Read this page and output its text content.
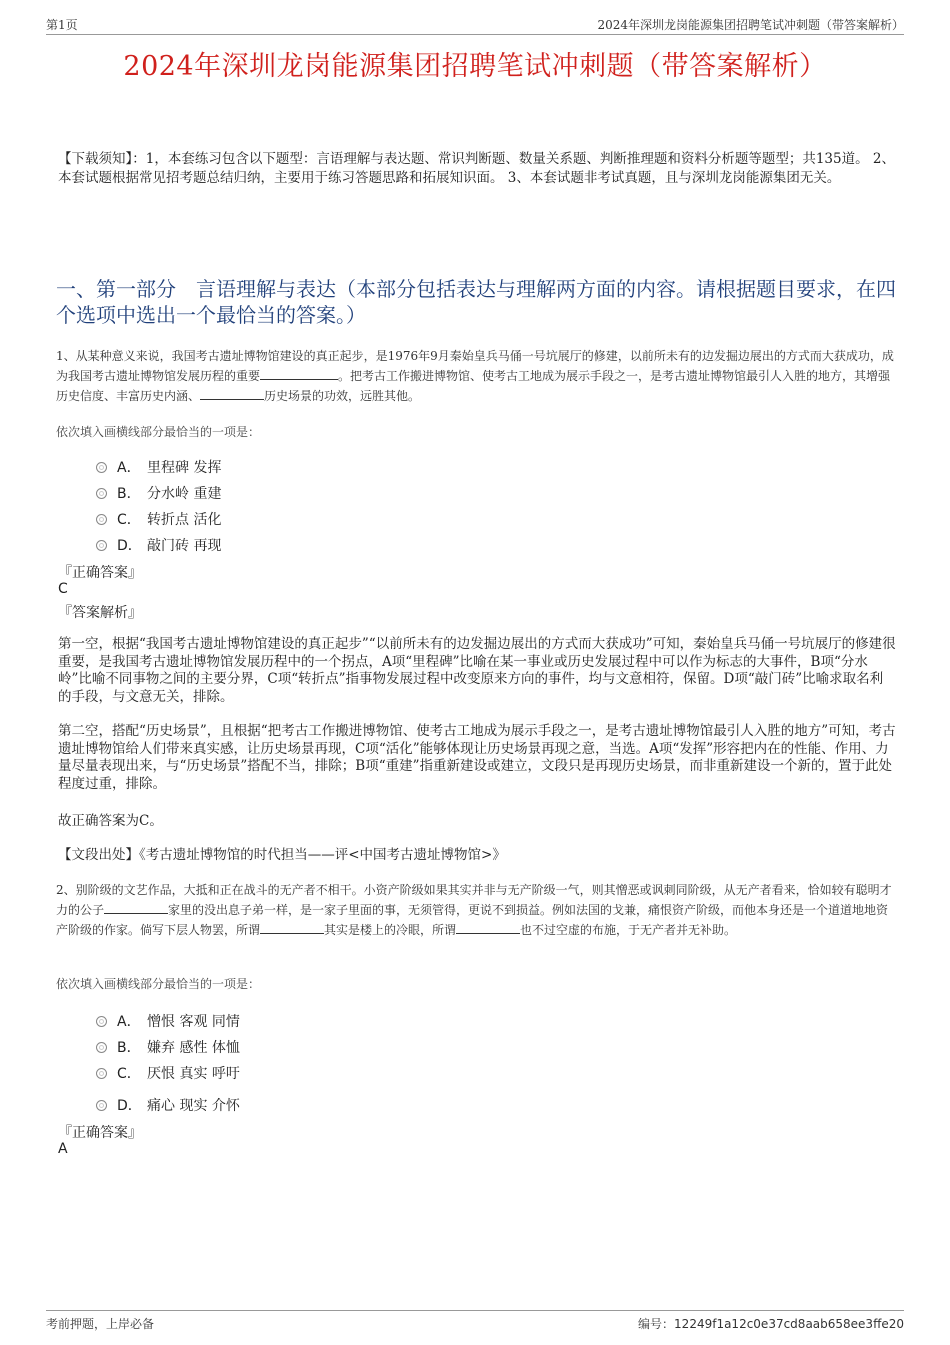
第1页	2024年深圳龙岗能源集团招聘笔试冲刺题（带答案解析）
2024年深圳龙岗能源集团招聘笔试冲刺题（带答案解析）
【下载须知】：1，本套练习包含以下题型：言语理解与表达题、常识判断题、数量关系题、判断推理题和资料分析题等题型；共135道。 2、本套试题根据常见招考题总结归纳，主要用于练习答题思路和拓展知识面。 3、本套试题非考试真题，且与深圳龙岗能源集团无关。
一、第一部分　言语理解与表达（本部分包括表达与理解两方面的内容。请根据题目要求，在四个选项中选出一个最恰当的答案。）
1、从某种意义来说，我国考古遗址博物馆建设的真正起步，是1976年9月秦始皇兵马俑一号坑展厅的修建，以前所未有的边发掘边展出的方式而大获成功，成为我国考古遗址博物馆发展历程的重要	。把考古工作搬进博物馆、使考古工地成为展示手段之一，是考古遗址博物馆最引人入胜的地方，其增强历史信度、丰富历史内涵、	历史场景的功效，远胜其他。
依次填入画横线部分最恰当的一项是：
A． 里程碑 发挥
B． 分水岭 重建
C． 转折点 活化
D． 敲门砖 再现
『正确答案』
C
『答案解析』
第一空，根据“我国考古遗址博物馆建设的真正起步”“以前所未有的边发掘边展出的方式而大获成功”可知，秦始皇兵马俑一号坑展厅的修建很重要，是我国考古遗址博物馆发展历程中的一个拐点，A项“里程碑”比喻在某一事业或历史发展过程中可以作为标志的大事件，B项“分水岭”比喻不同事物之间的主要分界，C项“转折点”指事物发展过程中改变原来方向的事件，均与文意相符，保留。D项“敲门砖”比喻求取名利的手段，与文意无关，排除。
第二空，搭配“历史场景”，且根据“把考古工作搬进博物馆、使考古工地成为展示手段之一，是考古遗址博物馆最引人入胜的地方”可知，考古遗址博物馆给人们带来真实感，让历史场景再现，C项“活化”能够体现让历史场景再现之意，当选。A项“发挥”形容把内在的性能、作用、力量尽量表现出来，与“历史场景”搭配不当，排除；B项“重建”指重新建设或建立，文段只是再现历史场景，而非重新建设一个新的，置于此处程度过重，排除。
故正确答案为C。
【文段出处】《考古遗址博物馆的时代担当——评<中国考古遗址博物馆>》
2、别阶级的文艺作品，大抵和正在战斗的无产者不相干。小资产阶级如果其实并非与无产阶级一气，则其憎恶或讽刺同阶级，从无产者看来，恰如较有聪明才力的公子	家里的没出息子弟一样，是一家子里面的事，无须管得，更说不到损益。例如法国的戈兼，痛恨资产阶级，而他本身还是一个道道地地资产阶级的作家。倘写下层人物罢，所谓	其实是楼上的冷眼，所谓	也不过空虚的布施，于无产者并无补助。
依次填入画横线部分最恰当的一项是：
A． 憎恨 客观 同情
B． 嫌弃 感性 体恤
C． 厌恨 真实 呼吁
D． 痛心 现实 介怀
『正确答案』
A
考前押题，上岸必备	编号：12249f1a12c0e37cd8aab658ee3ffe20
